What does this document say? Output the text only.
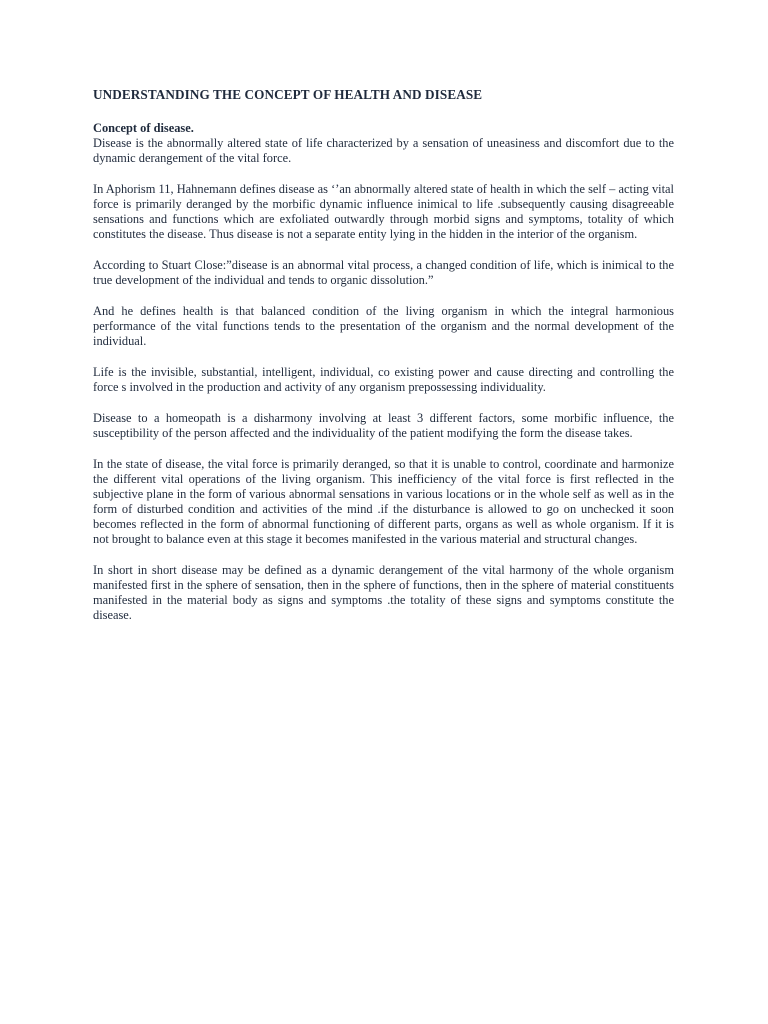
UNDERSTANDING THE CONCEPT OF HEALTH AND DISEASE
Concept of disease.

Disease is the abnormally altered state of life characterized by a sensation of uneasiness and discomfort due to the dynamic derangement of the vital force.

In Aphorism 11, Hahnemann defines disease as ‘’an abnormally altered state of health in which the self – acting vital force is primarily deranged by the morbific dynamic influence inimical to life .subsequently causing disagreeable sensations and functions which are exfoliated outwardly through morbid signs and symptoms, totality of which constitutes the disease. Thus disease is not a separate entity lying in the hidden in the interior of the organism.

According to Stuart Close:”disease is an abnormal vital process, a changed condition of life, which is inimical to the true development of the individual and tends to organic dissolution.”

And he defines health is that balanced condition of the living organism in which the integral harmonious performance of the vital functions tends to the presentation of the organism and the normal development of the individual.

Life is the invisible, substantial, intelligent, individual, co existing power and cause directing and controlling the force s involved in the production and activity of any organism prepossessing individuality.

Disease to a homeopath is a disharmony involving at least 3 different factors, some morbific influence, the susceptibility of the person affected and the individuality of the patient modifying the form the disease takes.

In the state of disease, the vital force is primarily deranged, so that it is unable to control, coordinate and harmonize the different vital operations of the living organism. This inefficiency of the vital force is first reflected in the subjective plane in the form of various abnormal sensations in various locations or in the whole self as well as in the form of disturbed condition and activities of the mind .if the disturbance is allowed to go on unchecked it soon becomes reflected in the form of abnormal functioning of different parts, organs as well as whole organism. If it is not brought to balance even at this stage it becomes manifested in the various material and structural changes.

In short in short disease may be defined as a dynamic derangement of the vital harmony of the whole organism manifested first in the sphere of sensation, then in the sphere of functions, then in the sphere of material constituents manifested in the material body as signs and symptoms .the totality of these signs and symptoms constitute the disease.
